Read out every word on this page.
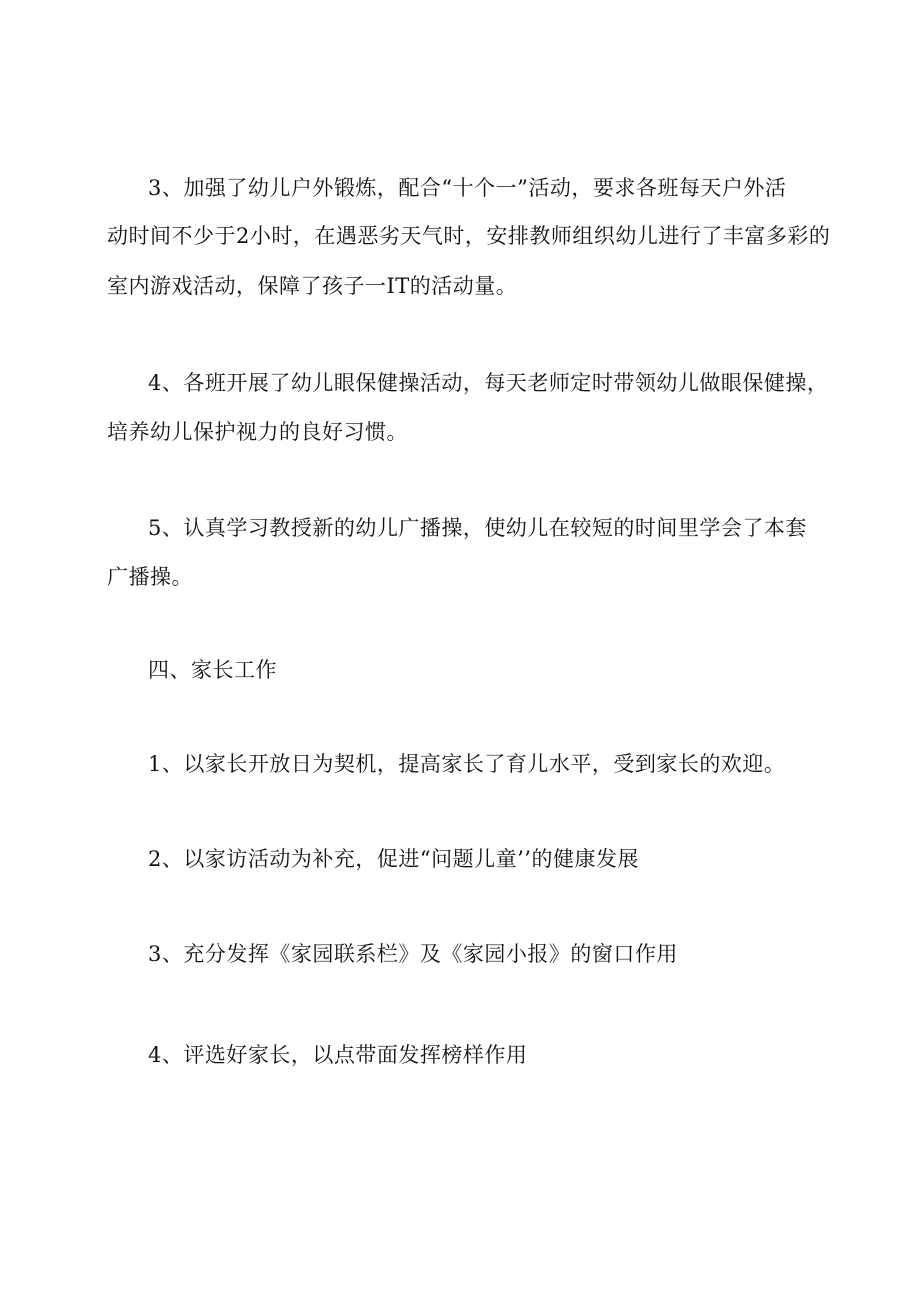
3、加强了幼儿户外锻炼，配合“十个一”活动，要求各班每天户外活
动时间不少于2小时，在遇恶劣天气时，安排教师组织幼儿进行了丰富多彩的
室内游戏活动，保障了孩子一IT的活动量。
4、各班开展了幼儿眼保健操活动，每天老师定时带领幼儿做眼保健操，
培养幼儿保护视力的良好习惯。
5、认真学习教授新的幼儿广播操，使幼儿在较短的时间里学会了本套
广播操。
四、家长工作
1、以家长开放日为契机，提高家长了育儿水平，受到家长的欢迎。
2、以家访活动为补充，促进“问题儿童’’的健康发展
3、充分发挥《家园联系栏》及《家园小报》的窗口作用
4、评选好家长，以点带面发挥榜样作用
